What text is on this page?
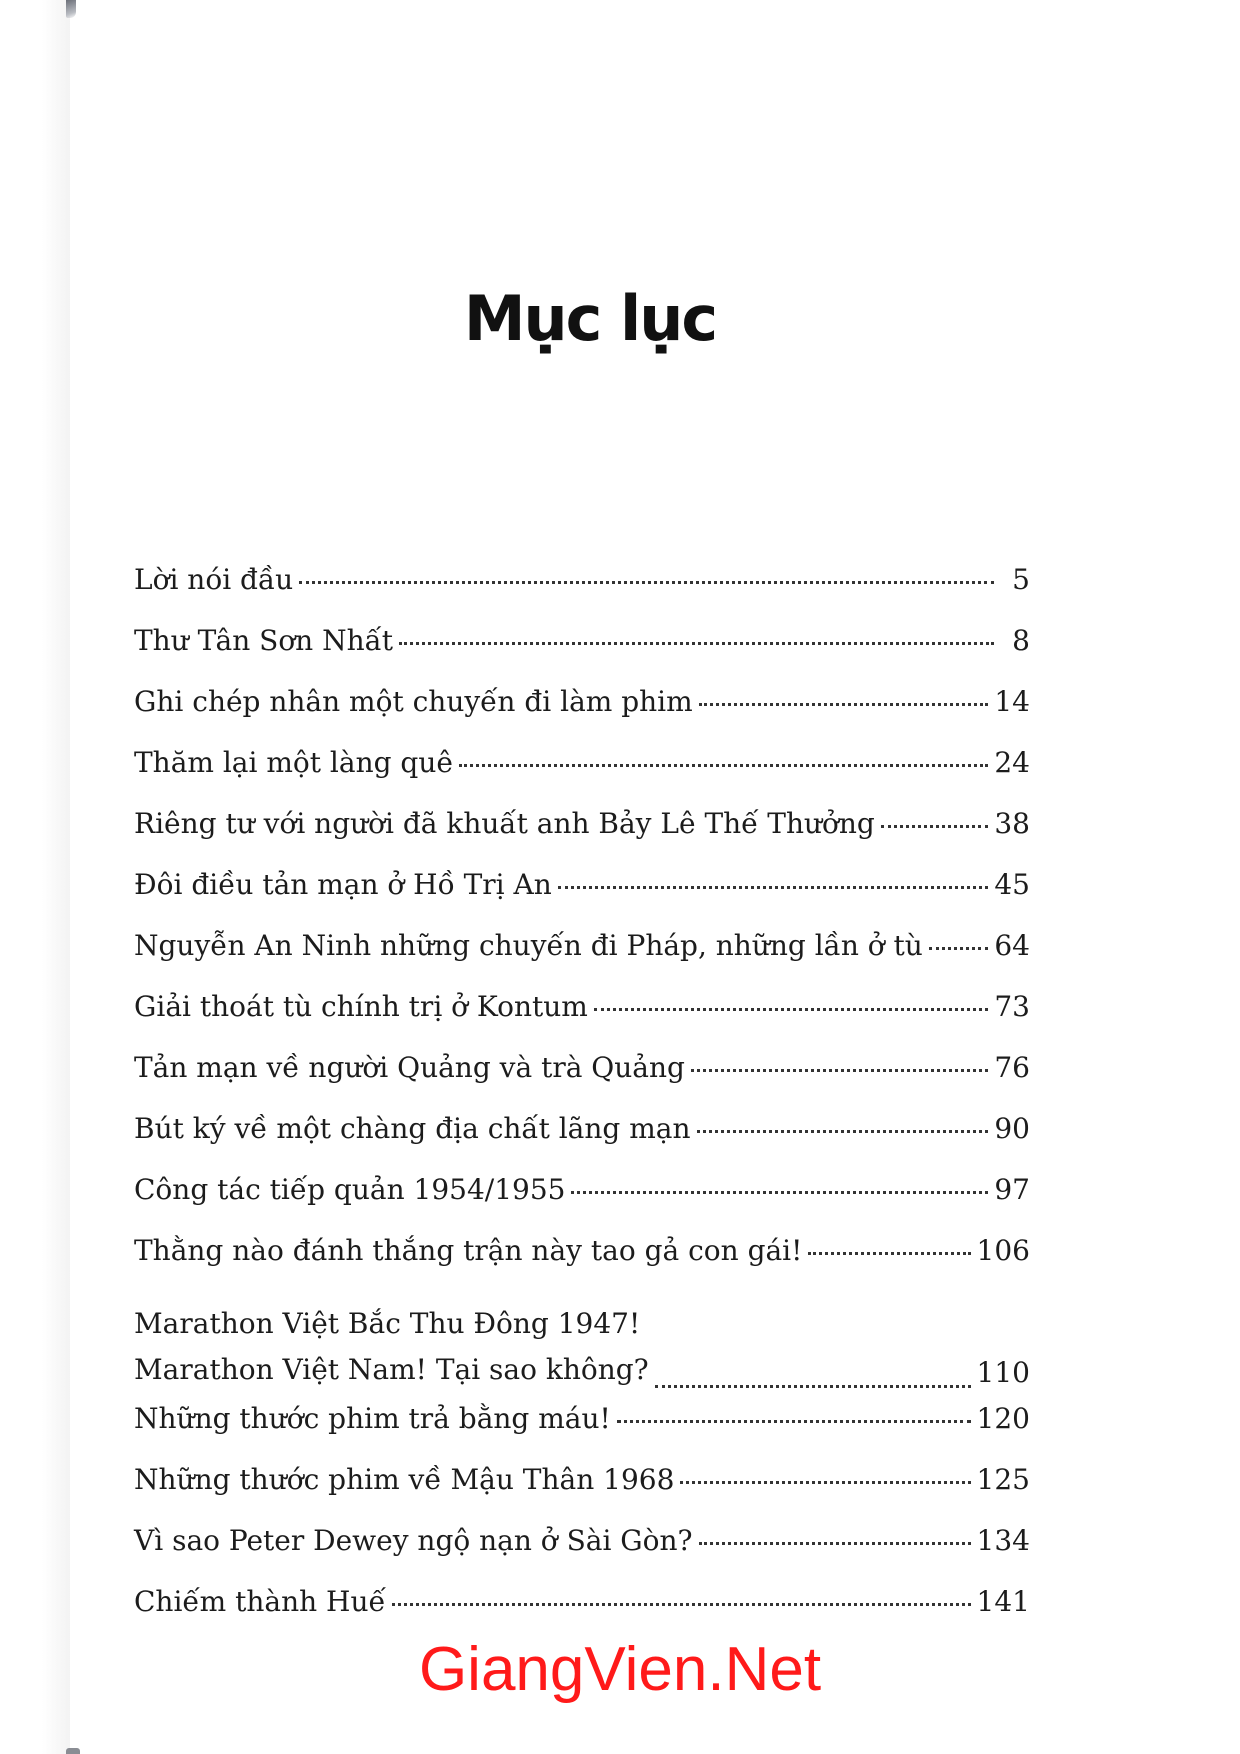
Mục lục
Lời nói đầu	5
Thư Tân Sơn Nhất	8
Ghi chép nhân một chuyến đi làm phim	14
Thăm lại một làng quê	24
Riêng tư với người đã khuất anh Bảy Lê Thế Thưởng	38
Đôi điều tản mạn ở Hồ Trị An	45
Nguyễn An Ninh những chuyến đi Pháp, những lần ở tù	64
Giải thoát tù chính trị ở Kontum	73
Tản mạn về người Quảng và trà Quảng	76
Bút ký về một chàng địa chất lãng mạn	90
Công tác tiếp quản 1954/1955	97
Thằng nào đánh thắng trận này tao gả con gái!	106
Marathon Việt Bắc Thu Đông 1947!
Marathon Việt Nam! Tại sao không?	110
Những thước phim trả bằng máu!	120
Những thước phim về Mậu Thân 1968	125
Vì sao Peter Dewey ngộ nạn ở Sài Gòn?	134
Chiếm thành Huế	141
GiangVien.Net
